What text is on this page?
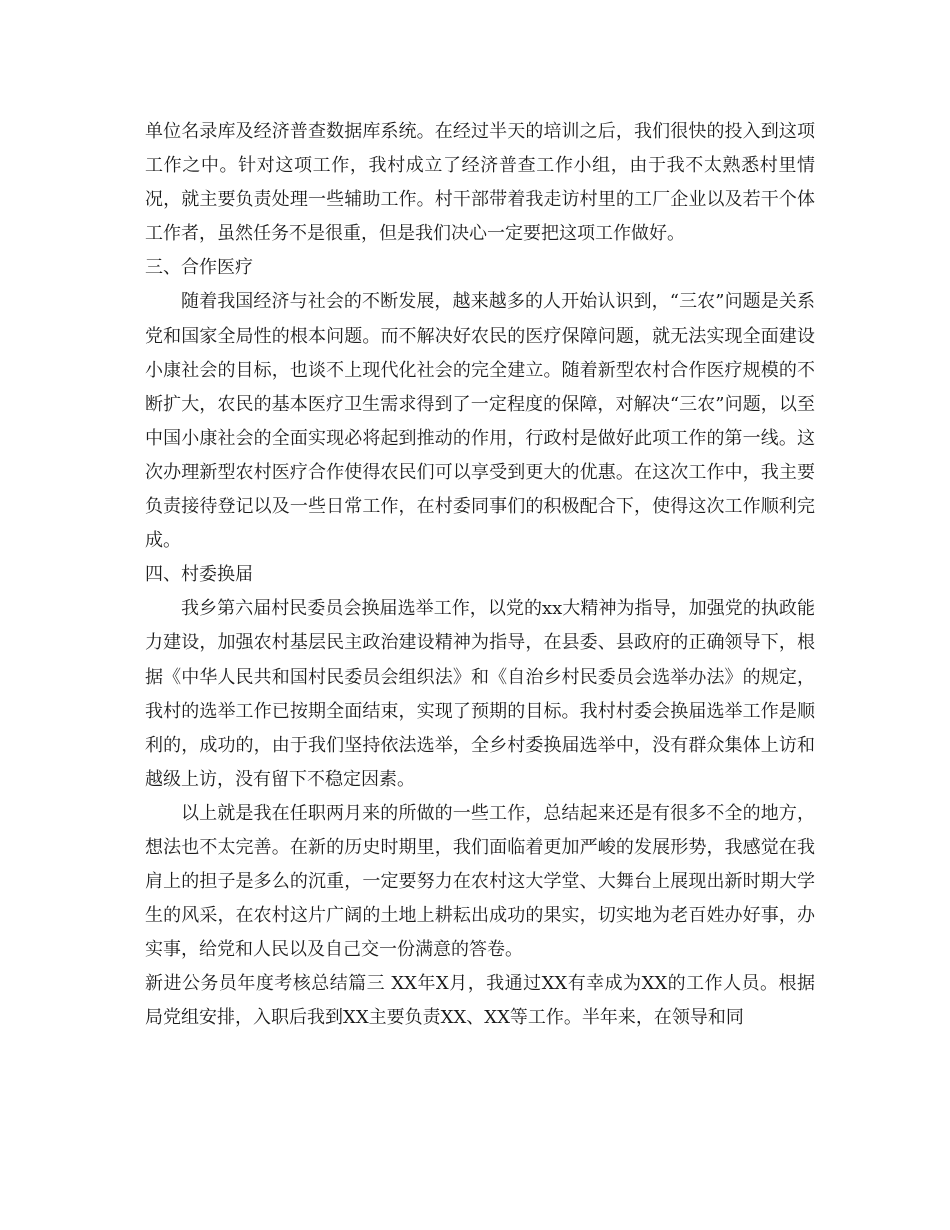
单位名录库及经济普查数据库系统。在经过半天的培训之后，我们很快的投入到这项工作之中。针对这项工作，我村成立了经济普查工作小组，由于我不太熟悉村里情况，就主要负责处理一些辅助工作。村干部带着我走访村里的工厂企业以及若干个体工作者，虽然任务不是很重，但是我们决心一定要把这项工作做好。

三、合作医疗

随着我国经济与社会的不断发展，越来越多的人开始认识到，“三农”问题是关系党和国家全局性的根本问题。而不解决好农民的医疗保障问题，就无法实现全面建设小康社会的目标，也谈不上现代化社会的完全建立。随着新型农村合作医疗规模的不断扩大，农民的基本医疗卫生需求得到了一定程度的保障，对解决“三农”问题，以至中国小康社会的全面实现必将起到推动的作用，行政村是做好此项工作的第一线。这次办理新型农村医疗合作使得农民们可以享受到更大的优惠。在这次工作中，我主要负责接待登记以及一些日常工作，在村委同事们的积极配合下，使得这次工作顺利完成。

四、村委换届

我乡第六届村民委员会换届选举工作，以党的xx大精神为指导，加强党的执政能力建设，加强农村基层民主政治建设精神为指导，在县委、县政府的正确领导下，根据《中华人民共和国村民委员会组织法》和《自治乡村民委员会选举办法》的规定，我村的选举工作已按期全面结束，实现了预期的目标。我村村委会换届选举工作是顺利的，成功的，由于我们坚持依法选举，全乡村委换届选举中，没有群众集体上访和越级上访，没有留下不稳定因素。

以上就是我在任职两月来的所做的一些工作，总结起来还是有很多不全的地方，想法也不太完善。在新的历史时期里，我们面临着更加严峻的发展形势，我感觉在我肩上的担子是多么的沉重，一定要努力在农村这大学堂、大舞台上展现出新时期大学生的风采，在农村这片广阔的土地上耕耘出成功的果实，切实地为老百姓办好事，办实事，给党和人民以及自己交一份满意的答卷。

新进公务员年度考核总结篇三 XX年X月，我通过XX有幸成为XX的工作人员。根据局党组安排，入职后我到XX主要负责XX、XX等工作。半年来，在领导和同
